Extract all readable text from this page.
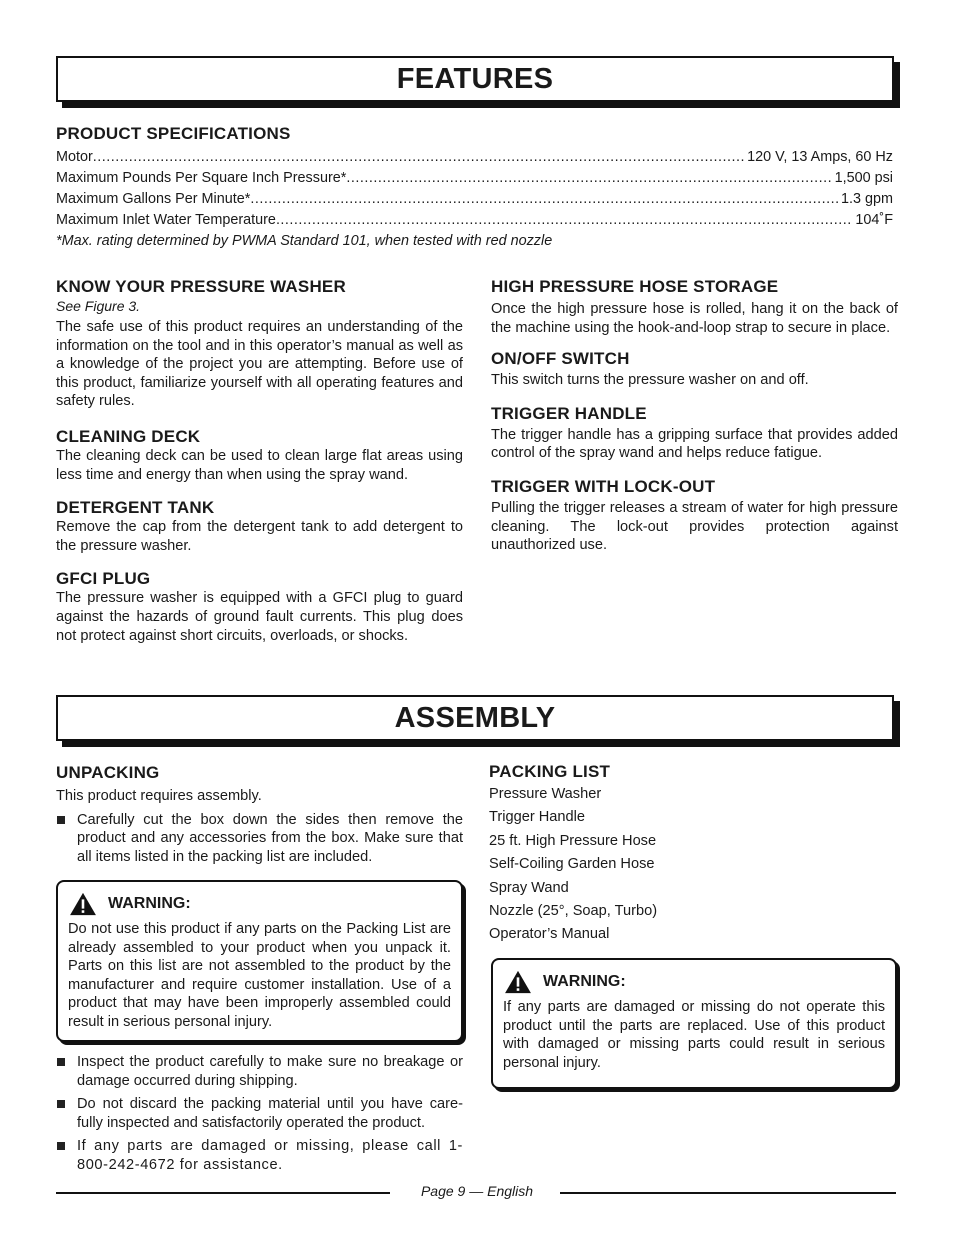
FEATURES
PRODUCT SPECIFICATIONS
Motor .....	120 V, 13 Amps, 60 Hz
Maximum Pounds Per Square Inch Pressure* .....	1,500 psi
Maximum Gallons Per Minute* .....	1.3 gpm
Maximum Inlet Water Temperature .....	104˚F
*Max. rating determined by PWMA Standard 101, when tested with red nozzle
KNOW YOUR PRESSURE WASHER
See Figure 3.

The safe use of this product requires an understanding of the information on the tool and in this operator’s manual as well as a knowledge of the project you are attempting. Before use of this product, familiarize yourself with all operating features and safety rules.

CLEANING DECK

The cleaning deck can be used to clean large flat areas using less time and energy than when using the spray wand.

DETERGENT TANK

Remove the cap from the detergent tank to add detergent to the pressure washer.

GFCI PLUG

The pressure washer is equipped with a GFCI plug to guard against the hazards of ground fault currents. This plug does not protect against short circuits, overloads, or shocks.

HIGH PRESSURE HOSE STORAGE

Once the high pressure hose is rolled, hang it on the back of the machine using the hook-and-loop strap to secure in place.

ON/OFF SWITCH

This switch turns the pressure washer on and off.

TRIGGER HANDLE

The trigger handle has a gripping surface that provides added control of the spray wand and helps reduce fatigue.

TRIGGER WITH LOCK-OUT

Pulling the trigger releases a stream of water for high pressure cleaning. The lock-out provides protection against unauthorized use.

ASSEMBLY
UNPACKING

This product requires assembly.

Carefully cut the box down the sides then remove the product and any accessories from the box. Make sure that all items listed in the packing list are included.
WARNING:

Do not use this product if any parts on the Packing List are already assembled to your product when you unpack it. Parts on this list are not assembled to the product by the manufacturer and require customer installation. Use of a product that may have been improperly assembled could result in serious personal injury.

Inspect the product carefully to make sure no breakage or damage occurred during shipping.
Do not discard the packing material until you have care-fully inspected and satisfactorily operated the product.
If any parts are damaged or missing, please call 1-800-242-4672 for assistance.
PACKING LIST
Pressure Washer
Trigger Handle
25 ft. High Pressure Hose
Self-Coiling Garden Hose
Spray Wand
Nozzle (25°, Soap, Turbo)
Operator’s Manual
WARNING:

If any parts are damaged or missing do not operate this product until the parts are replaced. Use of this product with damaged or missing parts could result in serious personal injury.

Page 9 — English
